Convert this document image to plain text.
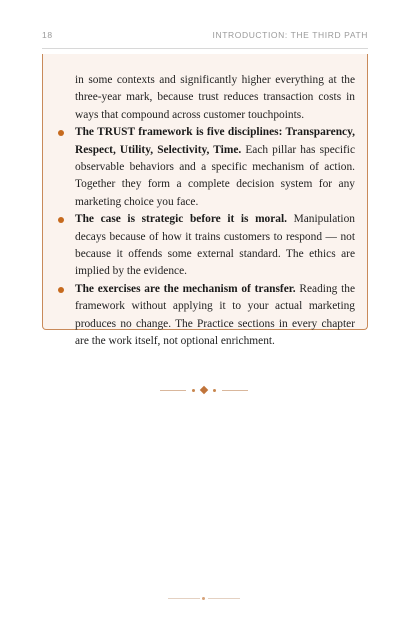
18	INTRODUCTION: THE THIRD PATH

in some contexts and significantly higher everything at the three-year mark, because trust reduces transaction costs in ways that compound across customer touchpoints.

The TRUST framework is five disciplines: Transparency, Respect, Utility, Selectivity, Time. Each pillar has specific observable behaviors and a specific mechanism of action. Together they form a complete decision system for any marketing choice you face.

The case is strategic before it is moral. Manipulation decays because of how it trains customers to respond — not because it offends some external standard. The ethics are implied by the evidence.

The exercises are the mechanism of transfer. Reading the framework without applying it to your actual marketing produces no change. The Practice sections in every chapter are the work itself, not optional enrichment.
